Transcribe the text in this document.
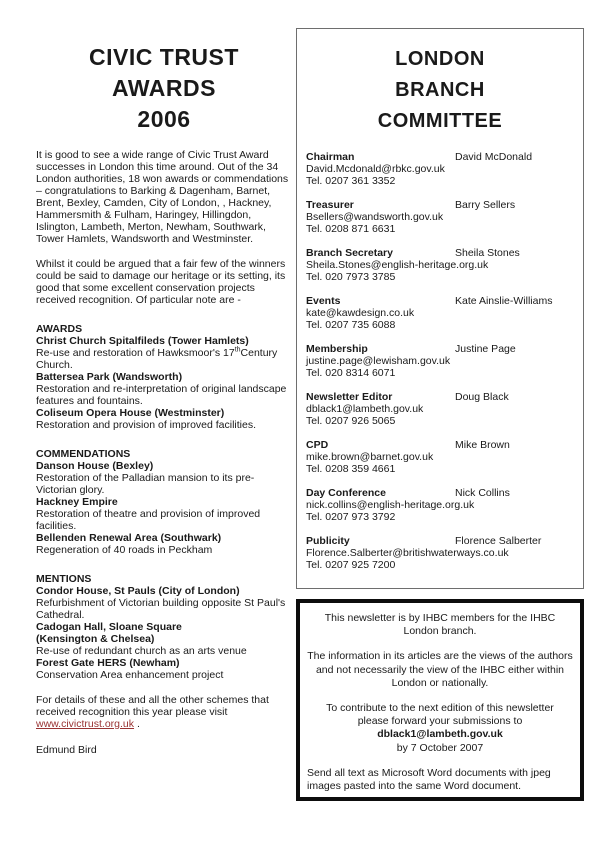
CIVIC TRUST
AWARDS
2006
It is good to see a wide range of Civic Trust Award successes in London this time around. Out of the 34 London authorities, 18 won awards or commendations – congratulations to Barking & Dagenham, Barnet, Brent, Bexley, Camden, City of London, , Hackney, Hammersmith & Fulham, Haringey, Hillingdon, Islington, Lambeth, Merton, Newham, Southwark, Tower Hamlets, Wandsworth and Westminster.
Whilst it could be argued that a fair few of the winners could be said to damage our heritage or its setting, its good that some excellent conservation projects received recognition. Of particular note are -
AWARDS
Christ Church Spitalfileds (Tower Hamlets)
Re-use and restoration of Hawksmoor's 17thCentury Church.
Battersea Park (Wandsworth)
Restoration and re-interpretation of original landscape features and fountains.
Coliseum Opera House (Westminster)
Restoration and provision of improved facilities.
COMMENDATIONS
Danson House (Bexley)
Restoration of the Palladian mansion to its pre-Victorian glory.
Hackney Empire
Restoration of theatre and provision of improved facilities.
Bellenden Renewal Area (Southwark)
Regeneration of 40 roads in Peckham
MENTIONS
Condor House, St Pauls (City of London)
Refurbishment of Victorian building opposite St Paul's Cathedral.
Cadogan Hall, Sloane Square
(Kensington & Chelsea)
Re-use of redundant church as an arts venue
Forest Gate HERS (Newham)
Conservation Area enhancement project
For details of these and all the other schemes that received recognition this year please visit www.civictrust.org.uk .
Edmund Bird
LONDON
BRANCH
COMMITTEE
Chairman	David McDonald
David.Mcdonald@rbkc.gov.uk
Tel. 0207 361 3352
Treasurer	Barry Sellers
Bsellers@wandsworth.gov.uk
Tel. 0208 871 6631
Branch Secretary	Sheila Stones
Sheila.Stones@english-heritage.org.uk
Tel. 020 7973 3785
Events	Kate Ainslie-Williams
kate@kawdesign.co.uk
Tel. 0207 735 6088
Membership	Justine Page
justine.page@lewisham.gov.uk
Tel. 020 8314 6071
Newsletter Editor	Doug Black
dblack1@lambeth.gov.uk
Tel. 0207 926 5065
CPD	Mike Brown
mike.brown@barnet.gov.uk
Tel. 0208 359 4661
Day Conference	Nick Collins
nick.collins@english-heritage.org.uk
Tel. 0207 973 3792
Publicity	Florence Salberter
Florence.Salberter@britishwaterways.co.uk
Tel. 0207 925 7200
This newsletter is by IHBC members for the IHBC London branch.
The information in its articles are the views of the authors and not necessarily the view of the IHBC either within London or nationally.
To contribute to the next edition of this newsletter
please forward your submissions to
dblack1@lambeth.gov.uk
by 7 October 2007
Send all text as Microsoft Word documents with jpeg images pasted into the same Word document.
